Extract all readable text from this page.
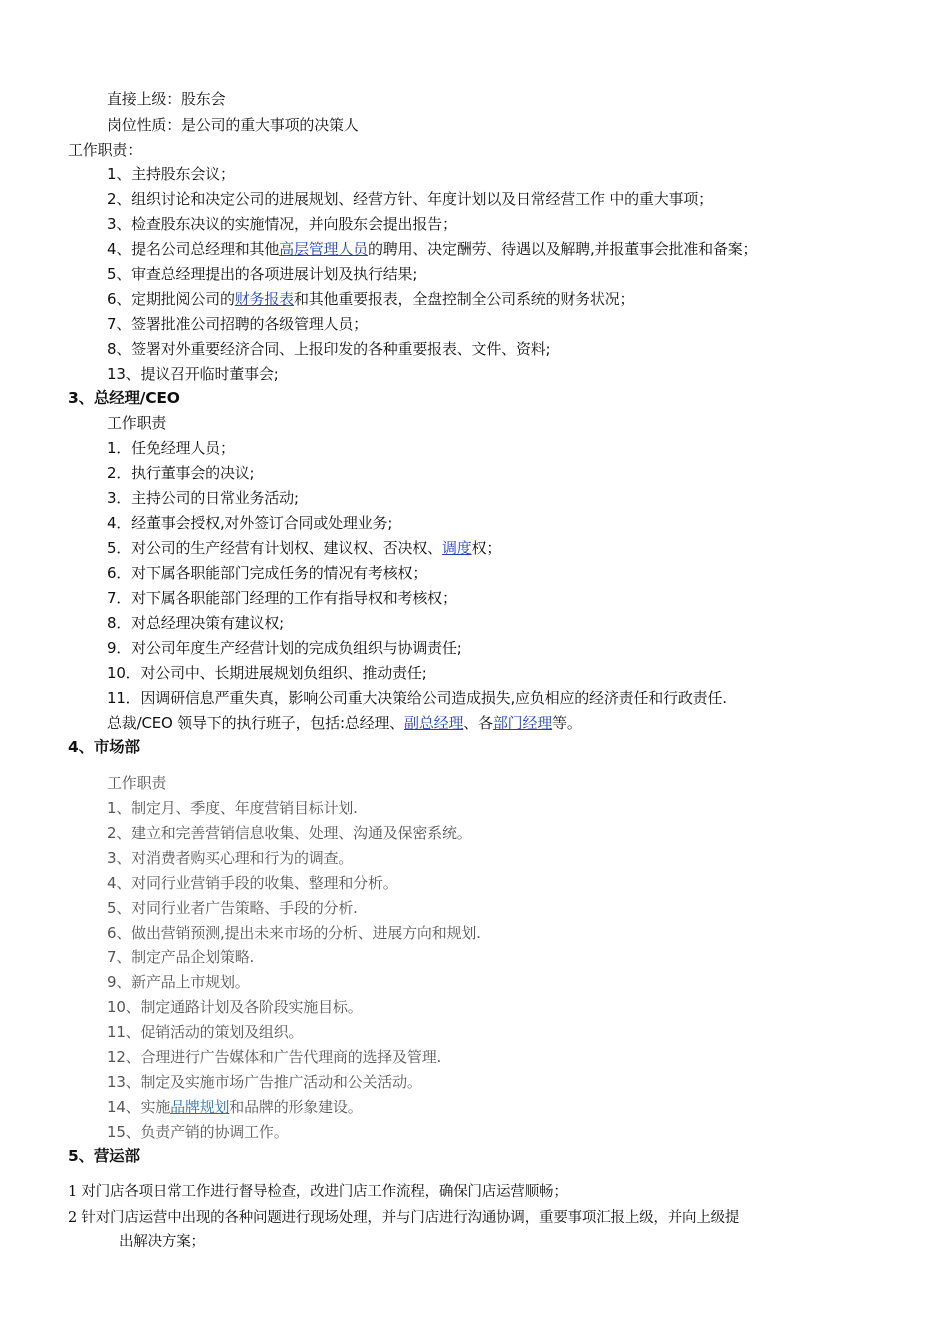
直接上级：股东会
岗位性质：是公司的重大事项的决策人
工作职责：
1、主持股东会议；
2、组织讨论和决定公司的进展规划、经营方针、年度计划以及日常经营工作 中的重大事项；
3、检查股东决议的实施情况，并向股东会提出报告；
4、提名公司总经理和其他高层管理人员的聘用、决定酬劳、待遇以及解聘,并报董事会批准和备案；
5、审查总经理提出的各项进展计划及执行结果;
6、定期批阅公司的财务报表和其他重要报表，全盘控制全公司系统的财务状况；
7、签署批准公司招聘的各级管理人员；
8、签署对外重要经济合同、上报印发的各种重要报表、文件、资料;
13、提议召开临时董事会;
3、总经理/CEO
工作职责
1．任免经理人员；
2．执行董事会的决议;
3．主持公司的日常业务活动;
4．经董事会授权,对外签订合同或处理业务;
5．对公司的生产经营有计划权、建议权、否决权、调度权；
6．对下属各职能部门完成任务的情况有考核权；
7．对下属各职能部门经理的工作有指导权和考核权；
8．对总经理决策有建议权;
9．对公司年度生产经营计划的完成负组织与协调责任;
10．对公司中、长期进展规划负组织、推动责任;
11．因调研信息严重失真，影响公司重大决策给公司造成损失,应负相应的经济责任和行政责任.
总裁/CEO 领导下的执行班子，包括:总经理、副总经理、各部门经理等。
4、市场部
工作职责
1、制定月、季度、年度营销目标计划.
2、建立和完善营销信息收集、处理、沟通及保密系统。
3、对消费者购买心理和行为的调查。
4、对同行业营销手段的收集、整理和分析。
5、对同行业者广告策略、手段的分析.
6、做出营销预测,提出未来市场的分析、进展方向和规划.
7、制定产品企划策略.
9、新产品上市规划。
10、制定通路计划及各阶段实施目标。
11、促销活动的策划及组织。
12、合理进行广告媒体和广告代理商的选择及管理.
13、制定及实施市场广告推广活动和公关活动。
14、实施品牌规划和品牌的形象建设。
15、负责产销的协调工作。
5、营运部
1 对门店各项日常工作进行督导检查，改进门店工作流程，确保门店运营顺畅；
2 针对门店运营中出现的各种问题进行现场处理，并与门店进行沟通协调，重要事项汇报上级，并向上级提
出解决方案；
